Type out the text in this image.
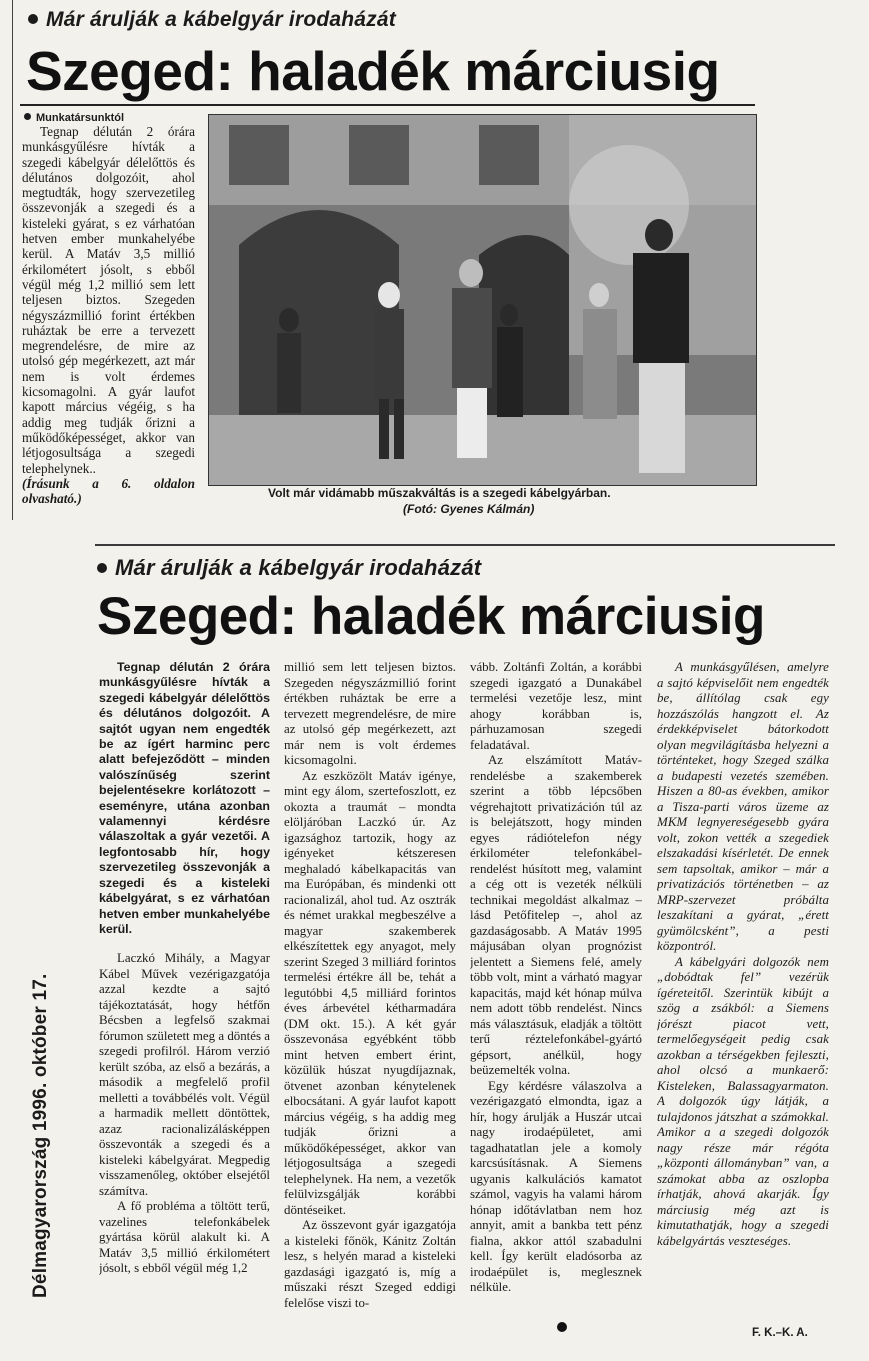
Már árulják a kábelgyár irodaházát
Szeged: haladék márciusig
Munkatársunktól

Tegnap délután 2 órára munkásgyűlésre hívták a szegedi kábelgyár délelőttös és délutános dolgozóit, ahol megtudták, hogy szervezetileg összevonják a szegedi és a kisteleki gyárat, s ez várhatóan hetven ember munkahelyébe kerül. A Matáv 3,5 millió érkilométert jósolt, s ebből végül még 1,2 millió sem lett teljesen biztos. Szegeden négyszázmillió forint értékben ruháztak be erre a tervezett megrendelésre, de mire az utolsó gép megérkezett, azt már nem is volt érdemes kicsomagolni. A gyár laufot kapott március végéig, s ha addig meg tudják őrizni a működőképességet, akkor van létjogosultsága a szegedi telephelynek..

(Írásunk a 6. oldalon olvasható.)	Volt már vidámabb műszakváltás is a szegedi kábelgyárban.
(Fotó: Gyenes Kálmán)
Már árulják a kábelgyár irodaházát
Szeged: haladék márciusig
Délmagyarország 1996. október 17.

Tegnap délután 2 órára munkásgyűlésre hívták a szegedi kábelgyár délelőttös és délutános dolgozóit. A sajtót ugyan nem engedték be az ígért harminc perc alatt befejeződött – minden valószínűség szerint bejelentésekre korlátozott – eseményre, utána azonban valamennyi kérdésre válaszoltak a gyár vezetői. A legfontosabb hír, hogy szervezetileg összevonják a szegedi és a kisteleki kábelgyárat, s ez várhatóan hetven ember munkahelyébe kerül.

Laczkó Mihály, a Magyar Kábel Művek vezérigazgatója azzal kezdte a sajtó tájékoztatását, hogy hétfőn Bécsben a legfelső szakmai fórumon született meg a döntés a szegedi profilról. Három verzió került szóba, az első a bezárás, a második a megfelelő profil melletti a továbbélés volt. Végül a harmadik mellett döntöttek, azaz racionalizálásképpen összevonták a szegedi és a kisteleki kábelgyárat. Megpedig visszamenőleg, október elsejétől számítva.

A fő probléma a töltött terű, vazelines telefonkábelek gyártása körül alakult ki. A Matáv 3,5 millió érkilométert jósolt, s ebből végül még 1,2

millió sem lett teljesen biztos. Szegeden négyszázmillió forint értékben ruháztak be erre a tervezett megrendelésre, de mire az utolsó gép megérkezett, azt már nem is volt érdemes kicsomagolni.

Az eszközölt Matáv igénye, mint egy álom, szertefoszlott, ez okozta a traumát – mondta elöljáróban Laczkó úr. Az igazsághoz tartozik, hogy az igényeket kétszeresen meghaladó kábelkapacitás van ma Európában, és mindenki ott racionalizál, ahol tud. Az osztrák és német urakkal megbeszélve a magyar szakemberek elkészítettek egy anyagot, mely szerint Szeged 3 milliárd forintos termelési értékre áll be, tehát a legutóbbi 4,5 milliárd forintos éves árbevétel kétharmadára (DM okt. 15.). A két gyár összevonása egyébként több mint hetven embert érint, közülük húszat nyugdíjaznak, ötvenet azonban kénytelenek elbocsátani. A gyár laufot kapott március végéig, s ha addig meg tudják őrizni a működőképességet, akkor van létjogosultsága a szegedi telephelynek. Ha nem, a vezetők felülvizsgálják korábbi döntéseiket.

Az összevont gyár igazgatója a kisteleki főnök, Kánitz Zoltán lesz, s helyén marad a kisteleki gazdasági igazgató is, míg a műszaki részt Szeged eddigi felelőse viszi to-

vább. Zoltánfi Zoltán, a korábbi szegedi igazgató a Dunakábel termelési vezetője lesz, mint ahogy korábban is, párhuzamosan szegedi feladatával.

Az elszámított Matáv-rendelésbe a szakemberek szerint a több lépcsőben végrehajtott privatizáción túl az is belejátszott, hogy minden egyes rádiótelefon négy érkilométer telefonkábel-rendelést húsított meg, valamint a cég ott is vezeték nélküli technikai megoldást alkalmaz – lásd Petőfitelep –, ahol az gazdaságosabb. A Matáv 1995 májusában olyan prognózist jelentett a Siemens felé, amely több volt, mint a várható magyar kapacitás, majd két hónap múlva nem adott több rendelést. Nincs más választásuk, eladják a töltött terű réztelefonkábel-gyártó gépsort, anélkül, hogy beüzemelték volna.

Egy kérdésre válaszolva a vezérigazgató elmondta, igaz a hír, hogy árulják a Huszár utcai nagy irodaépületet, ami tagadhatatlan jele a komoly karcsúsításnak. A Siemens ugyanis kalkulációs kamatot számol, vagyis ha valami három hónap időtávlatban nem hoz annyit, amit a bankba tett pénz fialna, akkor attól szabadulni kell. Így került eladósorba az irodaépület is, meglesznek nélküle.

A munkásgyűlésen, amelyre a sajtó képviselőit nem engedték be, állítólag csak egy hozzászólás hangzott el. Az érdekképviselet bátorkodott olyan megvilágításba helyezni a történteket, hogy Szeged szálka a budapesti vezetés szemében. Hiszen a 80-as években, amikor a Tisza-parti város üzeme az MKM legnyereségesebb gyára volt, zokon vették a szegediek elszakadási kísérletét. De ennek sem tapsoltak, amikor – már a privatizációs történetben – az MRP-szervezet próbálta leszakítani a gyárat, „érett gyümölcsként”, a pesti központról.

A kábelgyári dolgozók nem „dobódtak fel” vezérük ígéreteitől. Szerintük kibújt a szög a zsákból: a Siemens jórészt piacot vett, termelőegységeit pedig csak azokban a térségekben fejleszti, ahol olcsó a munkaerő: Kisteleken, Balassagyarmaton. A dolgozók úgy látják, a tulajdonos játszhat a számokkal. Amikor a a szegedi dolgozók nagy része már régóta „központi állományban” van, a számokat abba az oszlopba írhatják, ahová akarják. Így márciusig még azt is kimutathatják, hogy a szegedi kábelgyártás veszteséges.

F. K.–K. A.
